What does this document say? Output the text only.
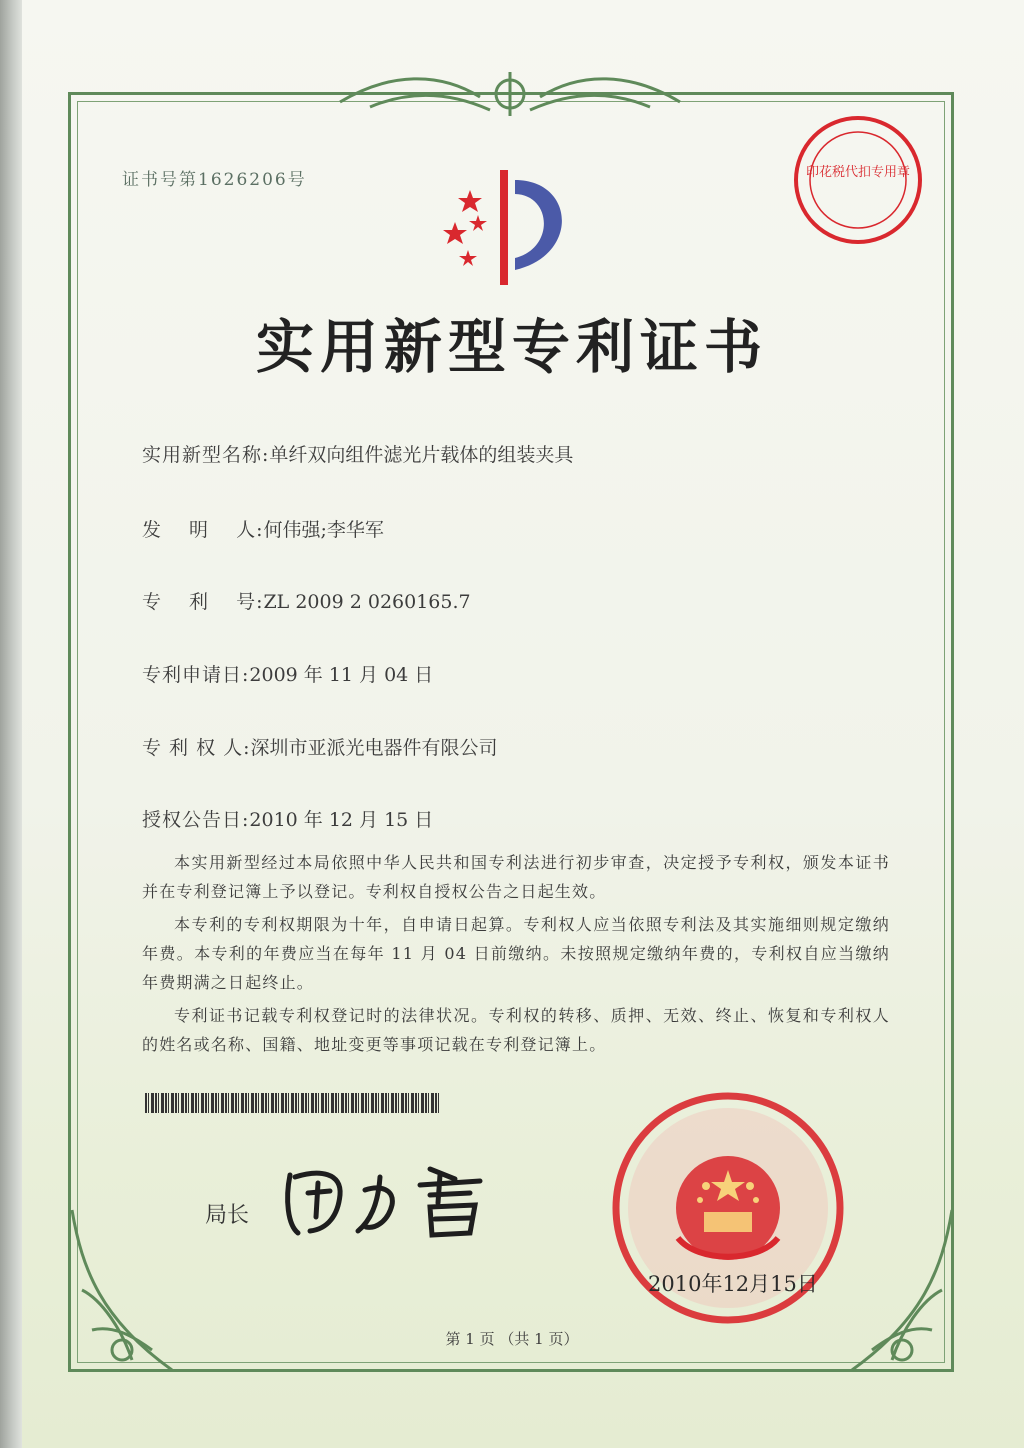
证书号第1626206号
实用新型专利证书
实用新型名称:单纤双向组件滤光片载体的组装夹具
发　 明　 人:何伟强;李华军
专　 利　 号:ZL 2009 2 0260165.7
专利申请日:2009 年 11 月 04 日
专 利 权 人:深圳市亚派光电器件有限公司
授权公告日:2010 年 12 月 15 日

本实用新型经过本局依照中华人民共和国专利法进行初步审查，决定授予专利权，颁发本证书并在专利登记簿上予以登记。专利权自授权公告之日起生效。

本专利的专利权期限为十年，自申请日起算。专利权人应当依照专利法及其实施细则规定缴纳年费。本专利的年费应当在每年 11 月 04 日前缴纳。未按照规定缴纳年费的，专利权自应当缴纳年费期满之日起终止。

专利证书记载专利权登记时的法律状况。专利权的转移、质押、无效、终止、恢复和专利权人的姓名或名称、国籍、地址变更等事项记载在专利登记簿上。

局长
2010年12月15日
印花税代扣专用章
第 1 页 （共 1 页）
